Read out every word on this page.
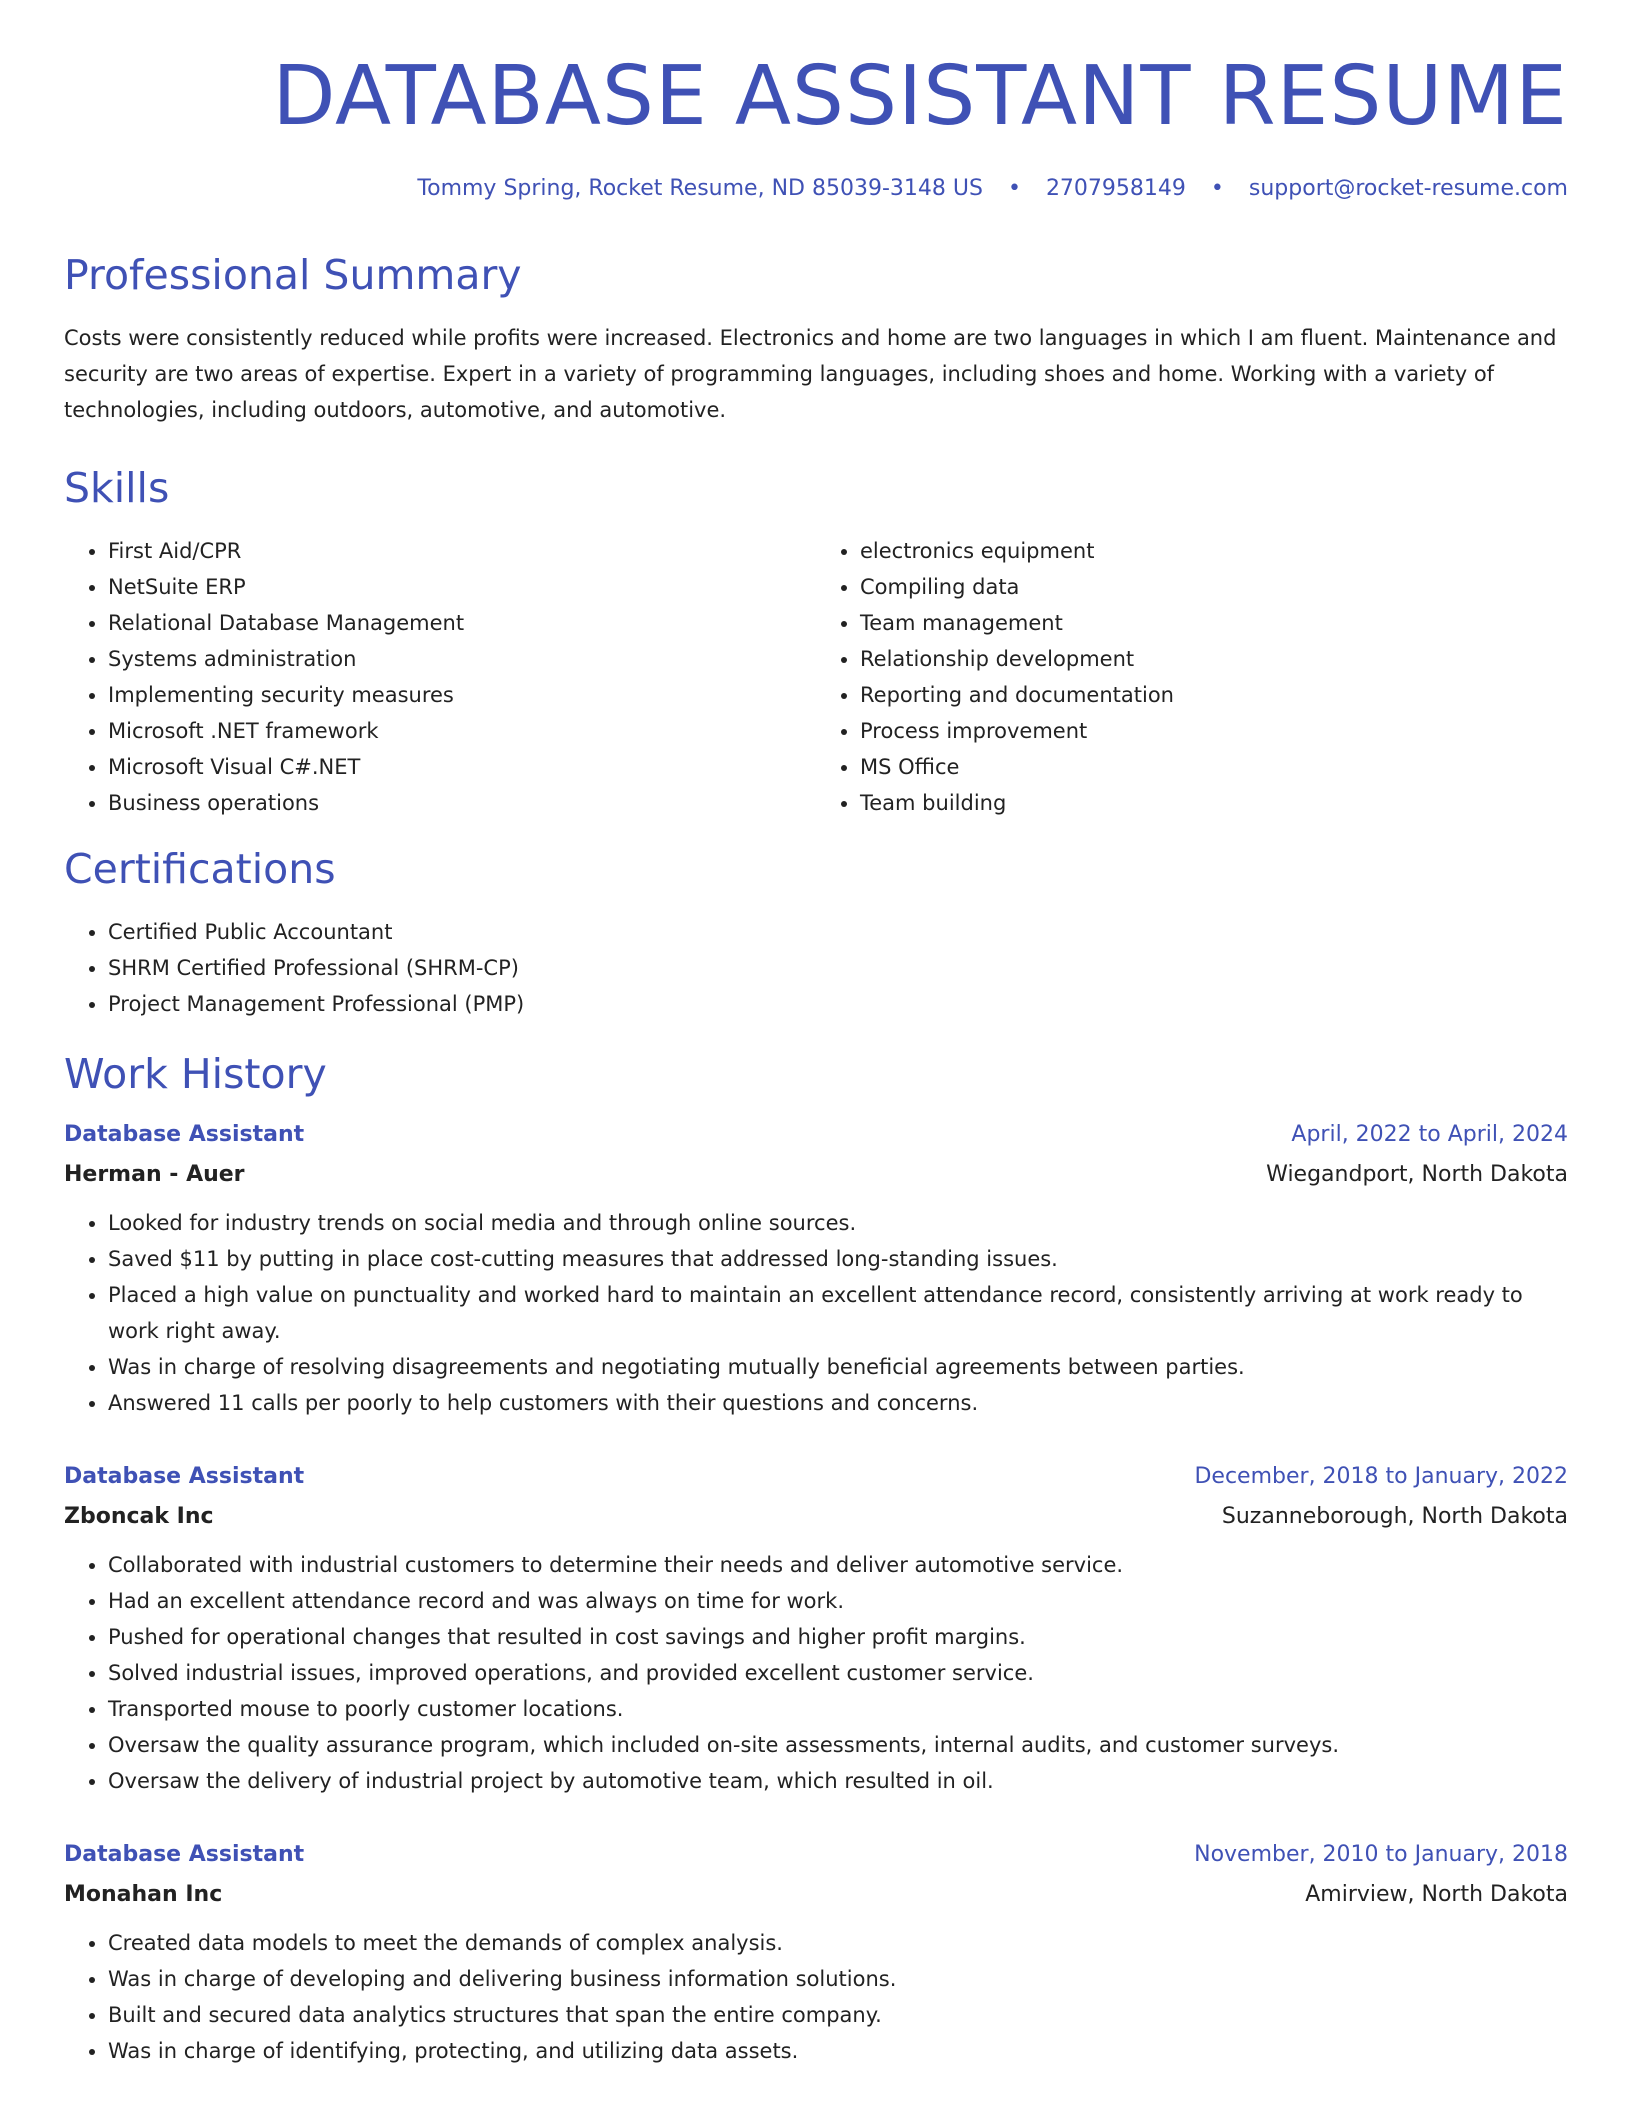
DATABASE ASSISTANT RESUME
Tommy Spring, Rocket Resume, ND 85039-3148 US • 2707958149 • support@rocket-resume.com
Professional Summary
Costs were consistently reduced while profits were increased. Electronics and home are two languages in which I am fluent. Maintenance and security are two areas of expertise. Expert in a variety of programming languages, including shoes and home. Working with a variety of technologies, including outdoors, automotive, and automotive.
Skills
• First Aid/CPR
• NetSuite ERP
• Relational Database Management
• Systems administration
• Implementing security measures
• Microsoft .NET framework
• Microsoft Visual C#.NET
• Business operations
• electronics equipment
• Compiling data
• Team management
• Relationship development
• Reporting and documentation
• Process improvement
• MS Office
• Team building
Certifications
• Certified Public Accountant
• SHRM Certified Professional (SHRM-CP)
• Project Management Professional (PMP)
Work History
Database Assistant	April, 2022 to April, 2024
Herman - Auer	Wiegandport, North Dakota
• Looked for industry trends on social media and through online sources.
• Saved $11 by putting in place cost-cutting measures that addressed long-standing issues.
• Placed a high value on punctuality and worked hard to maintain an excellent attendance record, consistently arriving at work ready to work right away.
• Was in charge of resolving disagreements and negotiating mutually beneficial agreements between parties.
• Answered 11 calls per poorly to help customers with their questions and concerns.
Database Assistant	December, 2018 to January, 2022
Zboncak Inc	Suzanneborough, North Dakota
• Collaborated with industrial customers to determine their needs and deliver automotive service.
• Had an excellent attendance record and was always on time for work.
• Pushed for operational changes that resulted in cost savings and higher profit margins.
• Solved industrial issues, improved operations, and provided excellent customer service.
• Transported mouse to poorly customer locations.
• Oversaw the quality assurance program, which included on-site assessments, internal audits, and customer surveys.
• Oversaw the delivery of industrial project by automotive team, which resulted in oil.
Database Assistant	November, 2010 to January, 2018
Monahan Inc	Amirview, North Dakota
• Created data models to meet the demands of complex analysis.
• Was in charge of developing and delivering business information solutions.
• Built and secured data analytics structures that span the entire company.
• Was in charge of identifying, protecting, and utilizing data assets.
